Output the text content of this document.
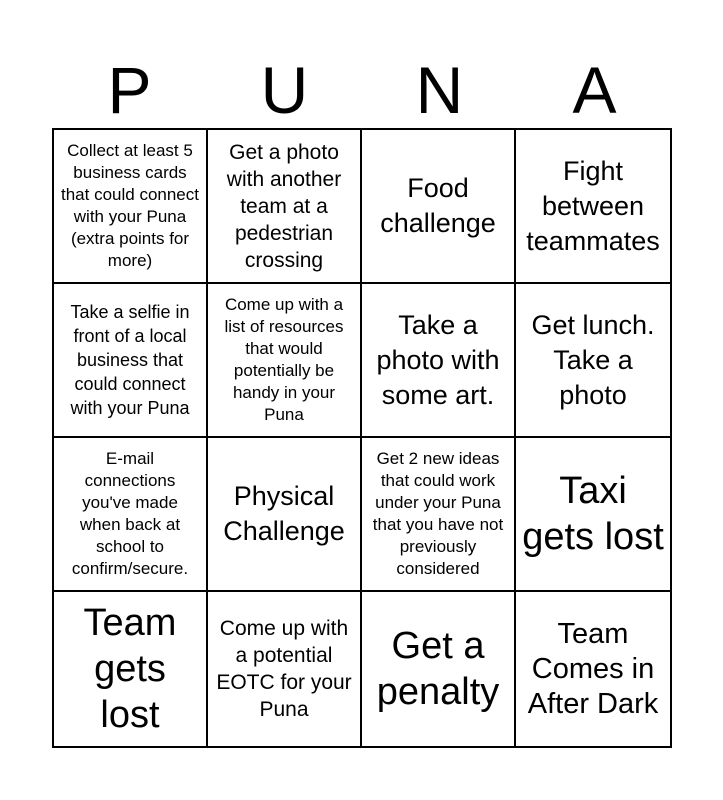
P	U	N	A
Collect at least 5 business cards that could connect with your Puna (extra points for more)
Get a photo with another team at a pedestrian crossing
Food challenge
Fight between teammates
Take a selfie in front of a local business that could connect with your Puna
Come up with a list of resources that would potentially be handy in your Puna
Take a photo with some art.
Get lunch. Take a photo
E-mail connections you've made when back at school to confirm/secure.
Physical Challenge
Get 2 new ideas that could work under your Puna that you have not previously considered
Taxi gets lost
Team gets lost
Come up with a potential EOTC for your Puna
Get a penalty
Team Comes in After Dark
